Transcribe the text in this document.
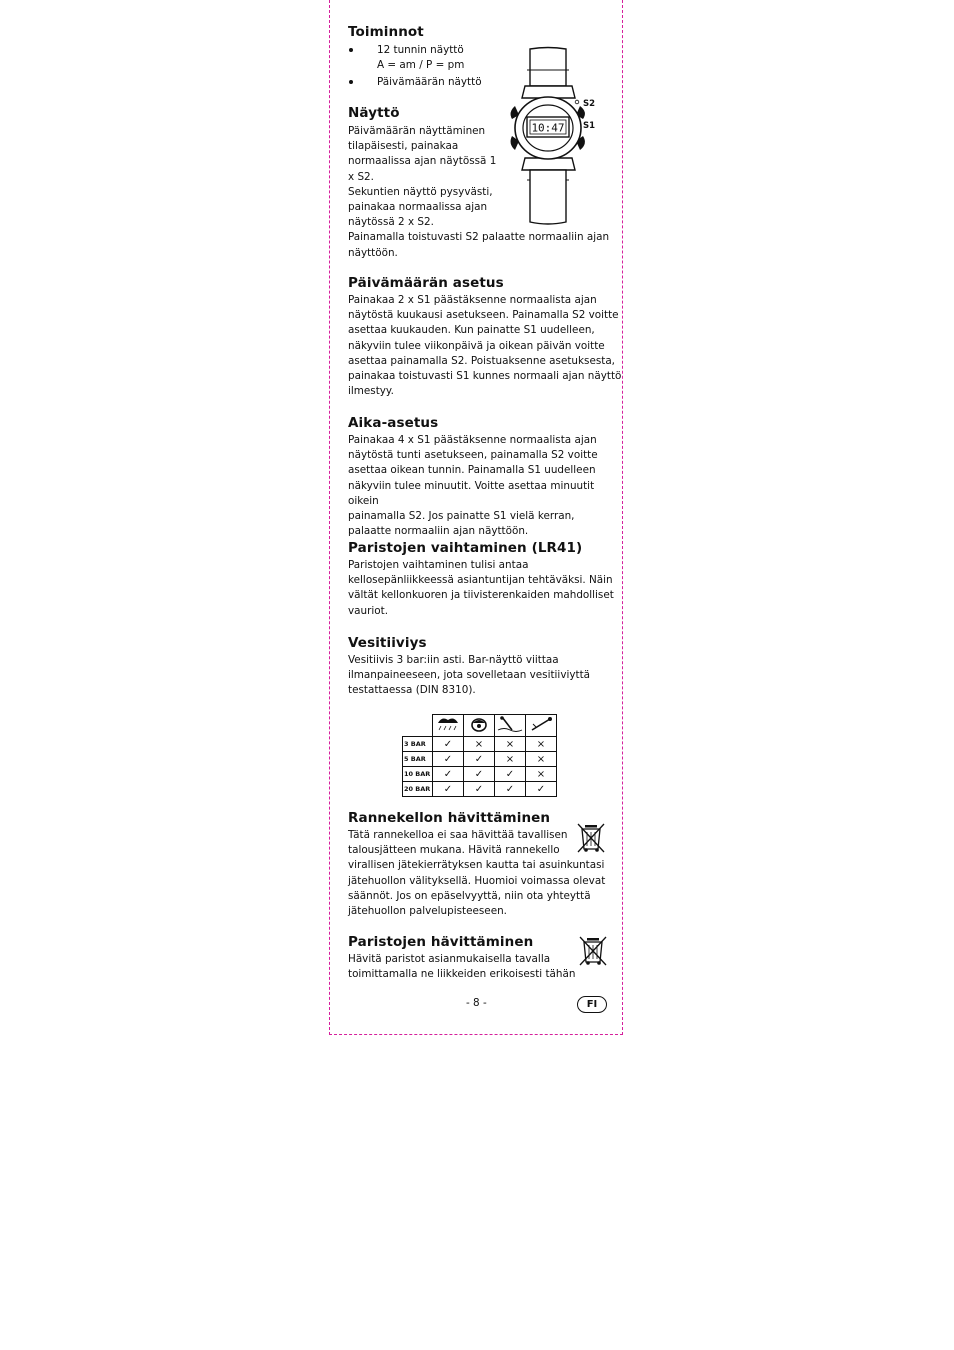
Toiminnot
12 tunnin näyttö
A = am / P = pm
Päivämäärän näyttö
10:47
S2
S1
Näyttö
Päivämäärän näyttäminen
tilapäisesti, painakaa
normaalissa ajan näytössä 1
x S2.
Sekuntien näyttö pysyvästi,
painakaa normaalissa ajan
näytössä 2 x S2.
Painamalla toistuvasti S2 palaatte normaaliin ajan
näyttöön.
Päivämäärän asetus
Painakaa 2 x S1 päästäksenne normaalista ajan
näytöstä kuukausi asetukseen. Painamalla S2 voitte
asettaa kuukauden. Kun painatte S1 uudelleen,
näkyviin tulee viikonpäivä ja oikean päivän voitte
asettaa painamalla S2. Poistuaksenne asetuksesta,
painakaa toistuvasti S1 kunnes normaali ajan näyttö
ilmestyy.
Aika-asetus
Painakaa 4 x S1 päästäksenne normaalista ajan
näytöstä tunti asetukseen, painamalla S2 voitte
asettaa oikean tunnin. Painamalla S1 uudelleen
näkyviin tulee minuutit. Voitte asettaa minuutit oikein
painamalla S2. Jos painatte S1 vielä kerran,
palaatte normaaliin ajan näyttöön.
Paristojen vaihtaminen (LR41)
Paristojen vaihtaminen tulisi antaa
kellosepänliikkeessä asiantuntijan tehtäväksi. Näin
vältät kellonkuoren ja tiivisterenkaiden mahdolliset
vauriot.
Vesitiiviys
Vesitiivis 3 bar:iin asti. Bar-näyttö viittaa
ilmanpaineeseen, jota sovelletaan vesitiiviyttä
testattaessa (DIN 8310).

3 BAR	✓	×	×	×
5 BAR	✓	✓	×	×
10 BAR	✓	✓	✓	×
20 BAR	✓	✓	✓	✓
Rannekellon hävittäminen
Tätä rannekelloa ei saa hävittää tavallisen
talousjätteen mukana. Hävitä rannekello
virallisen jätekierrätyksen kautta tai asuinkuntasi
jätehuollon välityksellä. Huomioi voimassa olevat
säännöt. Jos on epäselvyyttä, niin ota yhteyttä
jätehuollon palvelupisteeseen.
Paristojen hävittäminen
Hävitä paristot asianmukaisella tavalla
toimittamalla ne liikkeiden erikoisesti tähän
- 8 -	FI
